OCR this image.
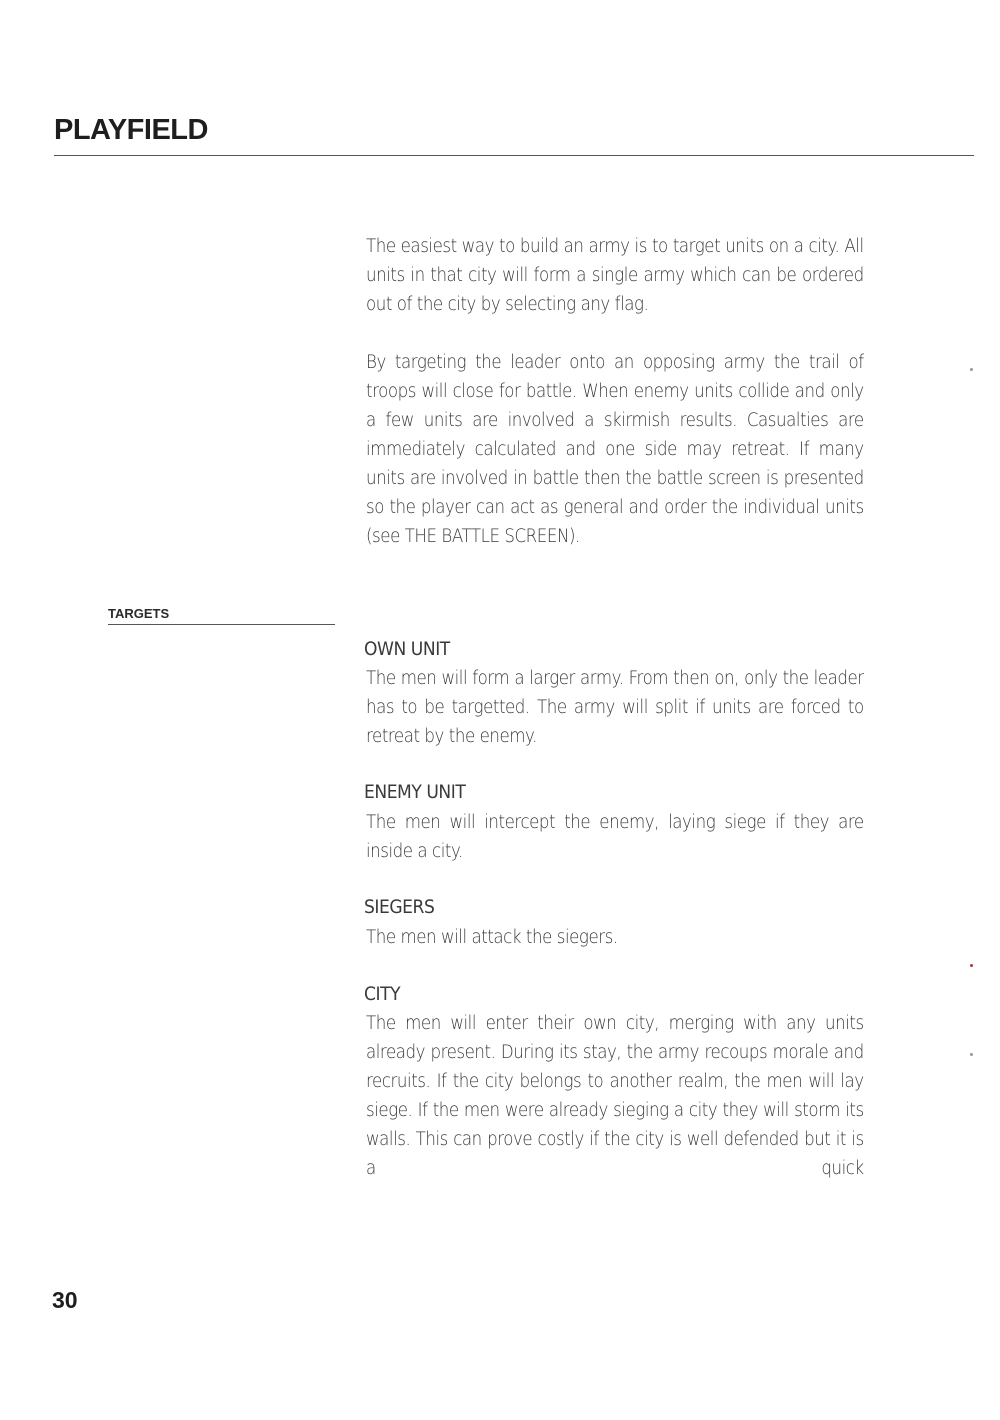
PLAYFIELD

The easiest way to build an army is to target units on a city. All units in that city will form a single army which can be ordered out of the city by selecting any flag.

By targeting the leader onto an opposing army the trail of troops will close for battle. When enemy units collide and only a few units are involved a skirmish results. Casualties are immediately calculated and one side may retreat. If many units are involved in battle then the battle screen is presented so the player can act as general and order the individual units (see THE BATTLE SCREEN).

TARGETS

OWN UNIT

The men will form a larger army. From then on, only the leader has to be targetted. The army will split if units are forced to retreat by the enemy.

ENEMY UNIT

The men will intercept the enemy, laying siege if they are inside a city.

SIEGERS

The men will attack the siegers.

CITY

The men will enter their own city, merging with any units already present. During its stay, the army recoups morale and recruits. If the city belongs to another realm, the men will lay siege. If the men were already sieging a city they will storm its walls. This can prove costly if the city is well defended but it is a quick

30
